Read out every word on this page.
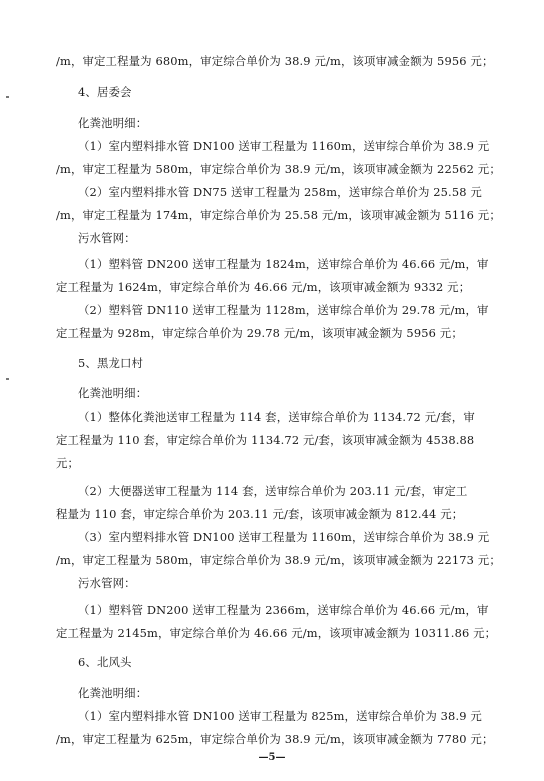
/m，审定工程量为 680m，审定综合单价为 38.9 元/m，该项审减金额为 5956 元；
4、居委会
化粪池明细：
（1）室内塑料排水管 DN100 送审工程量为 1160m，送审综合单价为 38.9 元
/m，审定工程量为 580m，审定综合单价为 38.9 元/m，该项审减金额为 22562 元；
（2）室内塑料排水管 DN75 送审工程量为 258m，送审综合单价为 25.58 元
/m，审定工程量为 174m，审定综合单价为 25.58 元/m，该项审减金额为 5116 元；
污水管网：
（1）塑料管 DN200 送审工程量为 1824m，送审综合单价为 46.66 元/m，审
定工程量为 1624m，审定综合单价为 46.66 元/m，该项审减金额为 9332 元；
（2）塑料管 DN110 送审工程量为 1128m，送审综合单价为 29.78 元/m，审
定工程量为 928m，审定综合单价为 29.78 元/m，该项审减金额为 5956 元；
5、黑龙口村
化粪池明细：
（1）整体化粪池送审工程量为 114 套，送审综合单价为 1134.72 元/套，审
定工程量为 110 套，审定综合单价为 1134.72 元/套，该项审减金额为 4538.88
元；
（2）大便器送审工程量为 114 套，送审综合单价为 203.11 元/套，审定工
程量为 110 套，审定综合单价为 203.11 元/套，该项审减金额为 812.44 元；
（3）室内塑料排水管 DN100 送审工程量为 1160m，送审综合单价为 38.9 元
/m，审定工程量为 580m，审定综合单价为 38.9 元/m，该项审减金额为 22173 元；
污水管网：
（1）塑料管 DN200 送审工程量为 2366m，送审综合单价为 46.66 元/m，审
定工程量为 2145m，审定综合单价为 46.66 元/m，该项审减金额为 10311.86 元；
6、北风头
化粪池明细：
（1）室内塑料排水管 DN100 送审工程量为 825m，送审综合单价为 38.9 元
/m，审定工程量为 625m，审定综合单价为 38.9 元/m，该项审减金额为 7780 元；
—5—
